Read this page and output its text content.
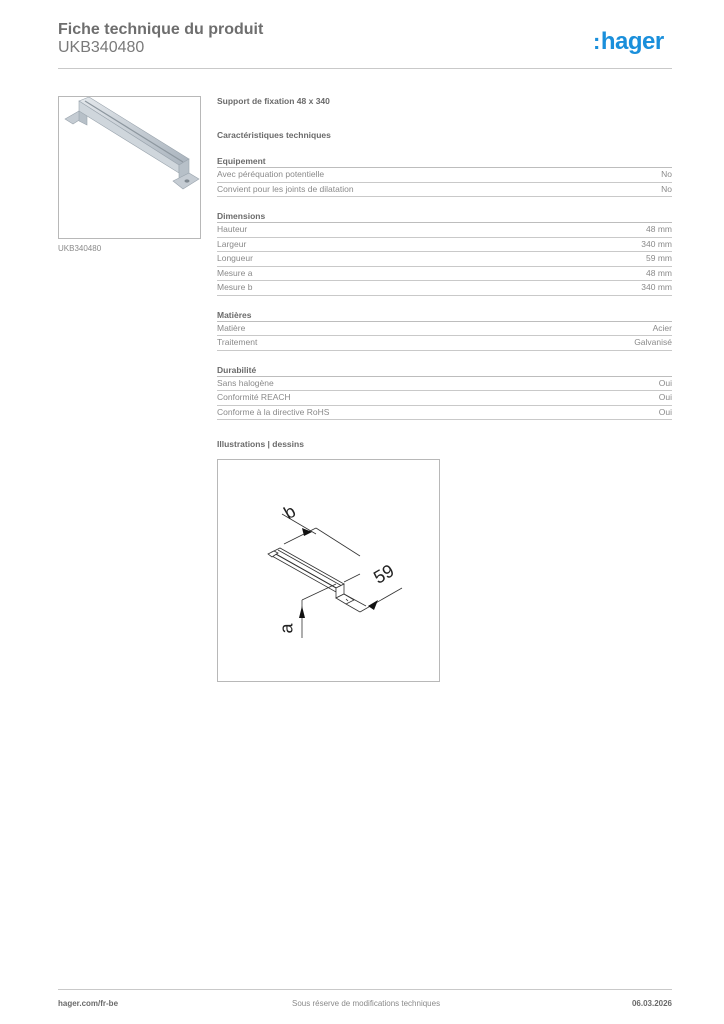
Fiche technique du produit
UKB340480	:hager
UKB340480
Support de fixation 48 x 340
Caractéristiques techniques
Equipement
Avec péréquation potentielle	No
Convient pour les joints de dilatation	No
Dimensions
Hauteur	48 mm
Largeur	340 mm
Longueur	59 mm
Mesure a	48 mm
Mesure b	340 mm
Matières
Matière	Acier
Traitement	Galvanisé
Durabilité
Sans halogène	Oui
Conformité REACH	Oui
Conforme à la directive RoHS	Oui
Illustrations | dessins
b
59
a
hager.com/fr-be	Sous réserve de modifications techniques	06.03.2026
